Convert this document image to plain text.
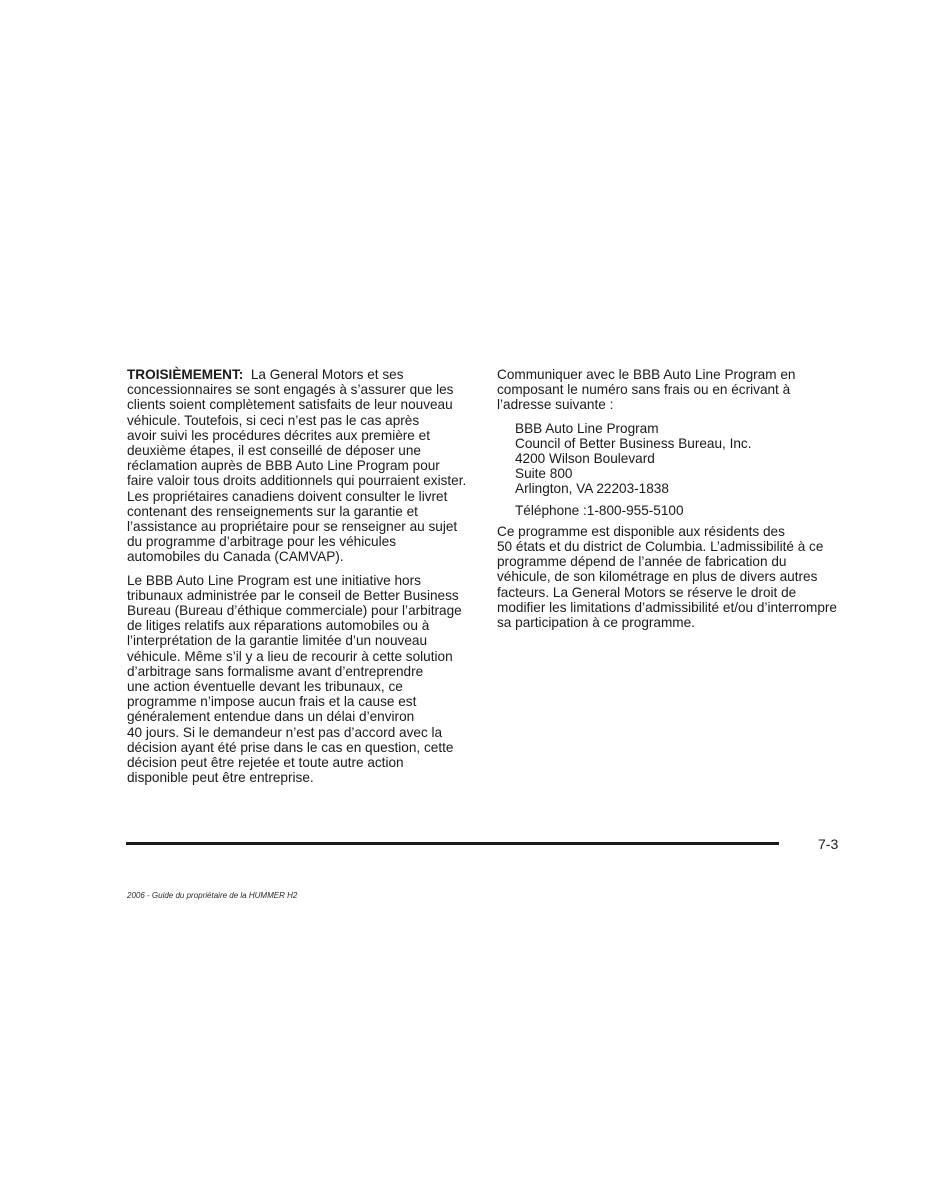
TROISIÈMEMENT: La General Motors et ses
concessionnaires se sont engagés à s’assurer que les
clients soient complètement satisfaits de leur nouveau
véhicule. Toutefois, si ceci n’est pas le cas après
avoir suivi les procédures décrites aux première et
deuxième étapes, il est conseillé de déposer une
réclamation auprès de BBB Auto Line Program pour
faire valoir tous droits additionnels qui pourraient exister.
Les propriétaires canadiens doivent consulter le livret
contenant des renseignements sur la garantie et
l’assistance au propriétaire pour se renseigner au sujet
du programme d’arbitrage pour les véhicules
automobiles du Canada (CAMVAP).

Le BBB Auto Line Program est une initiative hors
tribunaux administrée par le conseil de Better Business
Bureau (Bureau d’éthique commerciale) pour l’arbitrage
de litiges relatifs aux réparations automobiles ou à
l’interprétation de la garantie limitée d’un nouveau
véhicule. Même s’il y a lieu de recourir à cette solution
d’arbitrage sans formalisme avant d’entreprendre
une action éventuelle devant les tribunaux, ce
programme n’impose aucun frais et la cause est
généralement entendue dans un délai d’environ
40 jours. Si le demandeur n’est pas d’accord avec la
décision ayant été prise dans le cas en question, cette
décision peut être rejetée et toute autre action
disponible peut être entreprise.

Communiquer avec le BBB Auto Line Program en
composant le numéro sans frais ou en écrivant à
l’adresse suivante :

BBB Auto Line Program
Council of Better Business Bureau, Inc.
4200 Wilson Boulevard
Suite 800
Arlington, VA 22203-1838
Téléphone :1-800-955-5100

Ce programme est disponible aux résidents des
50 états et du district de Columbia. L’admissibilité à ce
programme dépend de l’année de fabrication du
véhicule, de son kilométrage en plus de divers autres
facteurs. La General Motors se réserve le droit de
modifier les limitations d’admissibilité et/ou d’interrompre
sa participation à ce programme.

7-3
2006 - Guide du propriétaire de la HUMMER H2
